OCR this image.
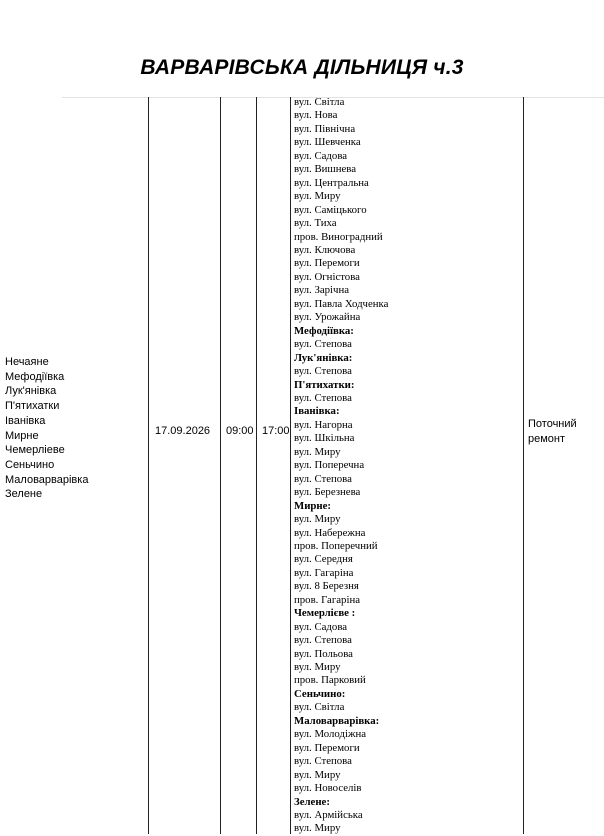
ВАРВАРІВСЬКА ДІЛЬНИЦЯ ч.3
Нечаяне
Мефодіївка
Лук'янівка
П'ятихатки
Іванівка
Мирне
Чемерліеве
Сеньчино
Маловарварівка
Зелене
17.09.2026 09:00 17:00
Поточний ремонт
вул. Світла
вул. Нова
вул. Північна
вул. Шевченка
вул. Садова
вул. Вишнева
вул. Центральна
вул. Миру
вул. Саміцького
вул. Тиха
пров. Виноградний
вул. Ключова
вул. Перемоги
вул. Огністова
вул. Зарічна
вул. Павла Ходченка
вул. Урожайна
Мефодіївка:
вул. Степова
Лук'янівка:
вул. Степова
П'ятихатки:
вул. Степова
Іванівка:
вул. Нагорна
вул. Шкільна
вул. Миру
вул. Поперечна
вул. Степова
вул. Березнева
Мирне:
вул. Миру
вул. Набережна
пров. Поперечний
вул. Середня
вул. Гагаріна
вул. 8 Березня
пров. Гагаріна
Чемерлієве :
вул. Садова
вул. Степова
вул. Польова
вул. Миру
пров. Парковий
Сеньчино:
вул. Світла
Маловарварівка:
вул. Молодіжна
вул. Перемоги
вул. Степова
вул. Миру
вул. Новоселів
Зелене:
вул. Армійська
вул. Миру
